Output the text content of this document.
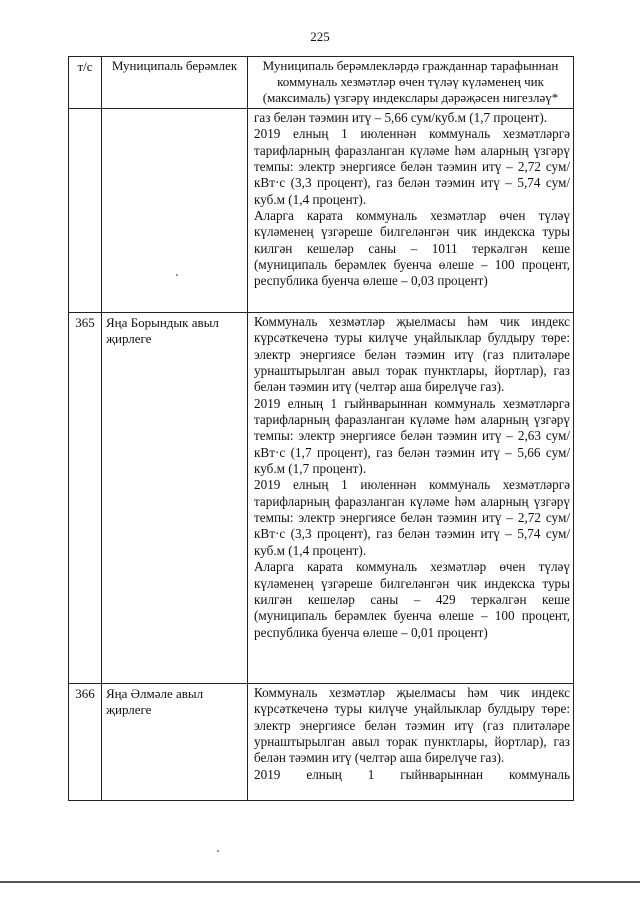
225
т/с	Муниципаль берәмлек	Муниципаль берәмлекләрдә гражданнар тарафыннан коммуналь хезмәтләр өчен түләү күләменең чик (максималь) үзгәрү индекслары дәрәҗәсен нигезләү*

		газ белән тәэмин итү – 5,66 сум/куб.м (1,7 процент).
2019 елның 1 июленнән коммуналь хезмәтләргә тарифларның фаразланган күләме һәм аларның үзгәрү темпы: электр энергиясе белән тәэмин итү – 2,72 сум/кВт·с (3,3 процент), газ белән тәэмин итү – 5,74 сум/куб.м (1,4 процент).
Аларга карата коммуналь хезмәтләр өчен түләү күләменең үзгәреше билгеләнгән чик индекска туры килгән кешеләр саны – 1011 теркәлгән кеше (муниципаль берәмлек буенча өлеше – 100 процент, республика буенча өлеше – 0,03 процент)

365	Яңа Борындык авыл җирлеге	Коммуналь хезмәтләр җыелмасы һәм чик индекс күрсәткеченә туры килүче уңайлыклар булдыру төре: электр энергиясе белән тәэмин итү (газ плитәләре урнаштырылган авыл торак пунктлары, йортлар), газ белән тәэмин итү (челтәр аша бирелүче газ).
2019 елның 1 гыйнварыннан коммуналь хезмәтләргә тарифларның фаразланган күләме һәм аларның үзгәрү темпы: электр энергиясе белән тәэмин итү – 2,63 сум/кВт·с (1,7 процент), газ белән тәэмин итү – 5,66 сум/куб.м (1,7 процент).
2019 елның 1 июленнән коммуналь хезмәтләргә тарифларның фаразланган күләме һәм аларның үзгәрү темпы: электр энергиясе белән тәэмин итү – 2,72 сум/кВт·с (3,3 процент), газ белән тәэмин итү – 5,74 сум/куб.м (1,4 процент).
Аларга карата коммуналь хезмәтләр өчен түләү күләменең үзгәреше билгеләнгән чик индекска туры килгән кешеләр саны – 429 теркәлгән кеше (муниципаль берәмлек буенча өлеше – 100 процент, республика буенча өлеше – 0,01 процент)

366	Яңа Әлмәле авыл җирлеге	Коммуналь хезмәтләр җыелмасы һәм чик индекс күрсәткеченә туры килүче уңайлыклар булдыру төре: электр энергиясе белән тәэмин итү (газ плитәләре урнаштырылган авыл торак пунктлары, йортлар), газ белән тәэмин итү (челтәр аша бирелүче газ).
2019 елның 1 гыйнварыннан коммуналь
